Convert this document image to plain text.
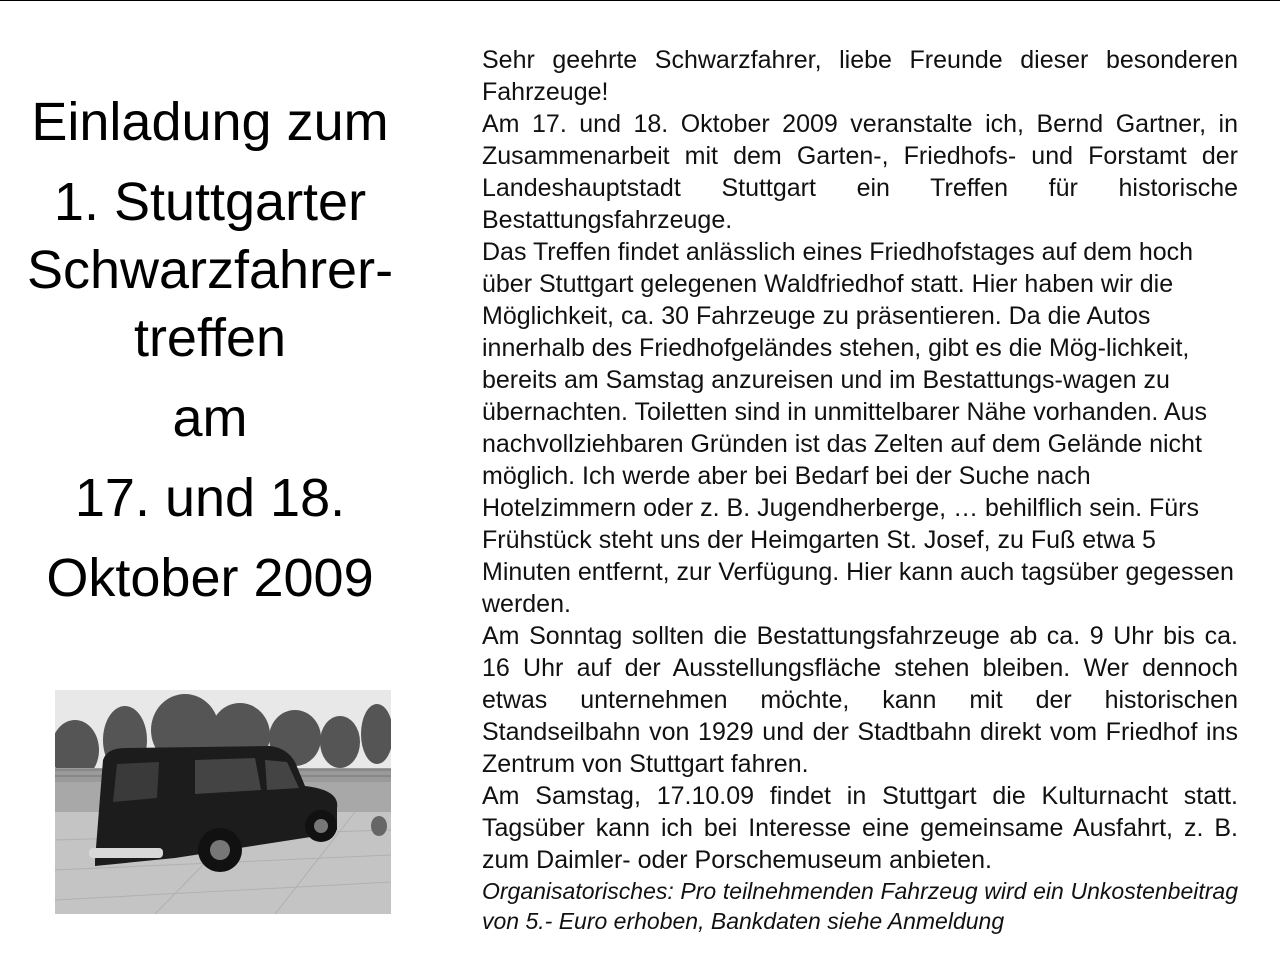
Einladung zum
1. Stuttgarter
Schwarzfahrer-
treffen
am
17. und 18.
Oktober 2009

Sehr geehrte Schwarzfahrer, liebe Freunde dieser besonderen Fahrzeuge!

Am 17. und 18. Oktober 2009 veranstalte ich, Bernd Gartner, in Zusammenarbeit mit dem Garten-, Friedhofs- und Forstamt der Landeshauptstadt Stuttgart ein Treffen für historische Bestattungsfahrzeuge.

Das Treffen findet anlässlich eines Friedhofstages auf dem hoch über Stuttgart gelegenen Waldfriedhof statt. Hier haben wir die Möglichkeit, ca. 30 Fahrzeuge zu präsentieren. Da die Autos innerhalb des Friedhofgeländes stehen, gibt es die Mög-lichkeit, bereits am Samstag anzureisen und im Bestattungs-wagen zu übernachten. Toiletten sind in unmittelbarer Nähe vorhanden. Aus nachvollziehbaren Gründen ist das Zelten auf dem Gelände nicht möglich. Ich werde aber bei Bedarf bei der Suche nach Hotelzimmern oder z. B. Jugendherberge, … behilflich sein. Fürs Frühstück steht uns der Heimgarten St. Josef, zu Fuß etwa 5 Minuten entfernt, zur Verfügung. Hier kann auch tagsüber gegessen werden.

Am Sonntag sollten die Bestattungsfahrzeuge ab ca. 9 Uhr bis ca. 16 Uhr auf der Ausstellungsfläche stehen bleiben. Wer dennoch etwas unternehmen möchte, kann mit der historischen Standseilbahn von 1929 und der Stadtbahn direkt vom Friedhof ins Zentrum von Stuttgart fahren.

Am Samstag, 17.10.09 findet in Stuttgart die Kulturnacht statt. Tagsüber kann ich bei Interesse eine gemeinsame Ausfahrt, z. B. zum Daimler- oder Porschemuseum anbieten.

Organisatorisches: Pro teilnehmenden Fahrzeug wird ein Unkostenbeitrag von 5.- Euro erhoben, Bankdaten siehe Anmeldung
